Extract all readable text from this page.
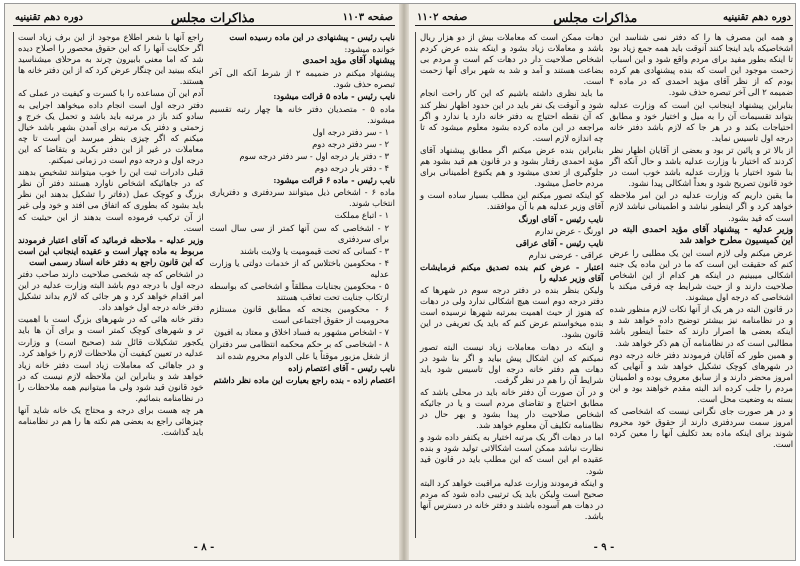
صفحه ۱۱۰۳
مذاکرات مجلس
دوره دهم تقنینیه

نایب رئیس - پیشنهادی در این ماده رسیده است

خوانده میشود:

پیشنهاد آقای مؤید احمدی

پیشنهاد میکنم در ضمیمه ۲ از شرط آنکه الی آخر تبصره حذف شود.

نایب رئیس - ماده ۵ قرائت میشود:

ماده ۵ - متصدیان دفتر خانه ها چهار رتبه تقسیم میشوند.

۱ - سر دفتر درجه اول

۲ - سر دفتر درجه دوم

۳ - دفتر یار درجه اول - سر دفتر درجه سوم

۴ - دفتر یار درجه دوم

نایب رئیس - ماده ۶ قرائت میشود:

ماده ۶ - اشخاص ذیل میتوانند سردفتری و دفتریاری انتخاب شوند.

۱ - اتباع مملکت

۲ - اشخاصی که سن آنها کمتر از سی سال است برای سردفتری

۳ - کسانی که تحت قیمومیت یا ولایت باشند

۴ - محکومین باختلاس که از خدمات دولتی یا وزارت عدلیه

۵ - محکومین بجنایات مطلقاً و اشخاصی که بواسطه ارتکاب جنایت تحت تعاقب هستند

۶ - محکومین بجنحه که مطابق قانون مستلزم محرومیت از حقوق اجتماعی است

۷ - اشخاص مشهور به فساد اخلاق و معتاد به افیون

۸ - اشخاصی که بر حکم محکمه انتظامی سر دفتران از شغل مزبور موقتاً یا علی الدوام محروم شده اند

نایب رئیس - آقای اعتصام زاده

اعتصام زاده - بنده راجع بعبارت این ماده نظر داشتم

راجع آنها با شعر اطلاع موجود از این برف زیاد است اگر حکایت آنها را که این حقوق محصور را اصلاح دیده شد که اما معنی بابیرون چرند به مرحلای میشناسید اینکه ببینید این چنگار عرض کرد که از این دفتر خانه ها هستند.

آدم این آن مساعده را با کسرت و کیفیت در عملی که دفتر درجه اول است انجام داده میخواهد اجرایی به سادو کند باز در مرتبه باید باشد و تحمل یک خرج و زحمتی و دفتر یک مرتبه برای آمدن بشهر باشد خیال میکنم که اگر چیزی بنظر میرسد این است تا چه معاملات در غیر از این دفتر بکرید و بتقاضا که این درجه اول و درجه دوم است در زمانی نمیکنم.

قبلی دادرات ثبت این را خوب میتوانند تشخیص بدهند که در جاهائیکه اشخاص ناوارد هستند دفتر آن نظر بزرگ و کوچک عمل (دفاتر را تشکیل بدهند این نظر باید بشود که بطوری که اتفاق می افتد و خود ولی غیر از آن ترکیب فرموده است بدهند از این حیثیت که است.

وزیر عدلیه - ملاحظه فرمائید که آقای اعتبار فرمودند مربوط به ماده چهار است و عقیده اینجانب این است که این قانون راجع به دفتر خانه اسناد رسمی است

در اشخاص که چه شخصی صلاحیت دارند صاحب دفتر درجه اول با درجه دوم باشد البته وزارت عدلیه در این امر اقدام خواهد کرد و هر جائی که لازم بداند تشکیل دفتر خانه درجه اول خواهد داد.

دفتر خانه هائی که در شهرهای بزرگ است با اهمیت تر و شهرهای کوچک کمتر است و برای آن ها باید یکجور تشکیلات قائل شد (صحیح است) و وزارت عدلیه در تعیین کیفیت آن ملاحظات لازم را خواهد کرد.

و در جاهائی که معاملات زیاد است دفتر خانه زیاد خواهد شد و بنابراین این ملاحظه لازم نیست که در خود قانون قید شود ولی ما میتوانیم همه ملاحظات را در نظامنامه بنمائیم.

هر چه هست برای درجه و محتاج یک خانه شاید آنها چیزهائی راجع به بعضی هم نکته ها را هم در نظامنامه باید گذاشت.

- ۸ -
دوره دهم تقنینیه
مذاکرات مجلس
صفحه ۱۱۰۲

و همه این مصرف ها را که دفتر نمی شناسد این اشخاصیکه باید اینجا کنند آنوقت باید همه جمع زیاد بود تا اینکه بطور مفید برای مردم واقع شود و این اسباب زحمت موجود این است که بنده پیشنهادی هم کرده بودم که از نظر آقای مؤید احمدی که در ماده ۴ ضمیمه ۲ الی آخر تبصره حذف شود.

بنابراین پیشنهاد اینجانب این است که وزارت عدلیه بتواند تقسیمات آن را به میل و اختیار خود و مطابق احتیاجات بکند و در هر جا که لازم باشد دفتر خانه درجه اول تاسیس نماید.

از بالا تر و پائین تر بود و بعضی از آقایان اظهار نظر کردند که اختیار با وزارت عدلیه باشد و حال آنکه اگر بنا شود اختیار با وزارت عدلیه باشد خوب است در خود قانون تصریح شود و بعداً اشکالی پیدا نشود.

ما یقین داریم که وزارت عدلیه در این امر ملاحظه خواهد کرد و اگر اینطور نباشد و اطمینانی نباشد لازم است که قید بشود.

وزیر عدلیه - پیشنهاد آقای مؤید احمدی البته در این کمیسیون مطرح خواهد شد

عرض میکنم ولی لازم است این یک مطلبی را عرض کنم که حقیقت این است که ما در این ماده یک جنبه اشکالی میبینیم در اینکه هر کدام از این اشخاص صلاحیت دارند و از حیث شرایط چه فرقی میکند با اشخاصی که درجه اول میشوند.

در قانون البته در هر یک از آنها نکات لازم منظور شده و در نظامنامه نیز بیشتر توضیح داده خواهد شد و اینکه بعضی ها اصرار دارند که حتماً اینطور باشد مطالبی است که در نظامنامه آن هم ذکر خواهد شد.

و همین طور که آقایان فرمودند دفتر خانه درجه دوم در شهرهای کوچک تشکیل خواهد شد و آنهایی که امروز محضر دارند و از سابق معروف بوده و اطمینان مردم را جلب کرده اند البته مقدم خواهند بود و این بسته به وضعیت محل است.

و در هر صورت جای نگرانی نیست که اشخاصی که امروز سمت سردفتری دارند از حقوق خود محروم شوند برای اینکه ماده بعد تکلیف آنها را معین کرده است.

دهات ممکن است که معاملات بیش از دو هزار ریال باشد و معاملات زیاد بشود و اینکه بنده عرض کردم اشخاص صلاحیت دار در دهات کم است و مردم بی بضاعت هستند و آمد و شد به شهر برای آنها زحمت است.

ما باید نظری داشته باشیم که این کار راحت انجام شود و آنوقت یک نفر باید در این حدود اظهار نظر کند که آن نقطه احتیاج به دفتر خانه دارد یا ندارد و اگر مراجعه در این ماده کرده بشود معلوم میشود که تا چه اندازه لازم است.

بنابراین بنده عرض میکنم اگر مطابق پیشنهاد آقای مؤید احمدی رفتار بشود و در قانون هم قید بشود هم جلوگیری از تعدی میشود و هم یکنوع اطمینانی برای مردم حاصل میشود.

کو اینکه تصور میکنم این مطلب بسیار ساده است و آقای وزیر عدلیه هم با آن موافقند.

نایب رئیس - آقای اورنگ

اورنگ - عرض ندارم

نایب رئیس - آقای عراقی

عراقی - عرضی ندارم

اعتبار - عرض کنم بنده تصدیق میکنم فرمایشات آقای وزیر عدلیه را

ولیکن بنظر بنده در دفتر درجه سوم در شهرها که دفتر درجه دوم است هیچ اشکالی ندارد ولی در دهات که هنوز از حیث اهمیت بمرتبه شهرها نرسیده است بنده میخواستم عرض کنم که باید یک تعریفی در این قانون بشود.

و اینکه در دهات معاملات زیاد نیست البته تصور نمیکنم که این اشکال پیش بیاید و اگر بنا شود در دهات هم دفتر خانه درجه اول تاسیس شود باید شرایط آن را هم در نظر گرفت.

و در آن صورت آن دفتر خانه باید در محلی باشد که مطابق احتیاج و تقاضای مردم است و یا در جائیکه اشخاص صلاحیت دار پیدا بشود و بهر حال در نظامنامه تکلیف آن معلوم خواهد شد.

اما در دهات اگر یک مرتبه اختیار به یکنفر داده شود و نظارت نباشد ممکن است اشکالاتی تولید شود و بنده عقیده ام این است که این مطلب باید در قانون قید شود.

و اینکه فرمودند وزارت عدلیه مراقبت خواهد کرد البته صحیح است ولیکن باید یک ترتیبی داده شود که مردم در دهات هم آسوده باشند و دفتر خانه در دسترس آنها باشد.

- ۹ -
